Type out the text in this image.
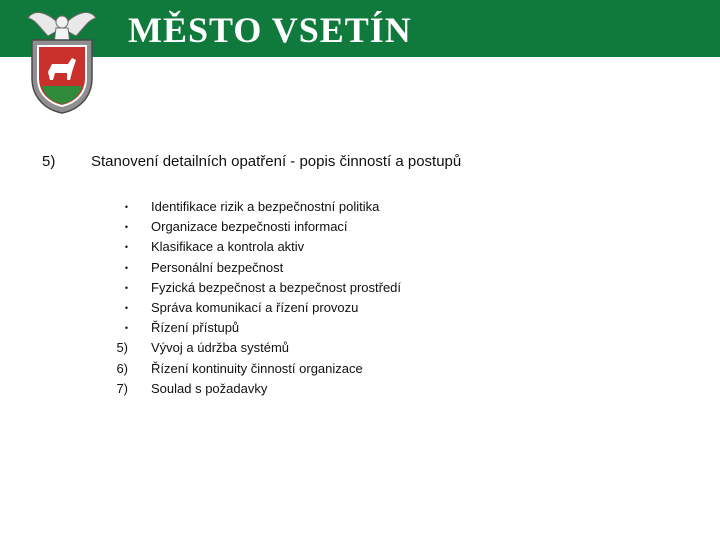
MĚSTO VSETÍN
5) Stanovení detailních opatření - popis činností a postupů
• Identifikace rizik a bezpečnostní politika
• Organizace bezpečnosti informací
• Klasifikace a kontrola aktiv
• Personální bezpečnost
• Fyzická bezpečnost a bezpečnost prostředí
• Správa komunikací a řízení provozu
• Řízení přístupů
5) Vývoj a údržba systémů
6) Řízení kontinuity činností organizace
7) Soulad s požadavky
